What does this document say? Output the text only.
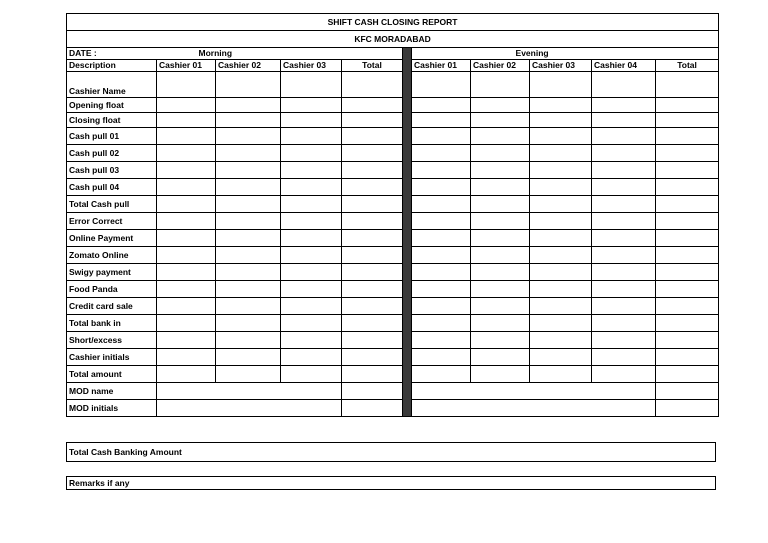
SHIFT CASH CLOSING REPORT										
KFC MORADABAD										
DATE :	Morning					Evening				
Description	Cashier 01	Cashier 02	Cashier 03	Total		Cashier 01	Cashier 02	Cashier 03	Cashier 04	Total
Cashier Name										
Opening float										
Closing float										
Cash pull 01										
Cash pull 02										
Cash pull 03										
Cash pull 04										
Total Cash pull										
Error Correct										
Online Payment										
Zomato Online										
Swigy payment										
Food Panda										
Credit card sale										
Total bank in										
Short/excess										
Cashier initials										
Total amount										
MOD name										
MOD initials										
Total Cash Banking Amount
Remarks if any
